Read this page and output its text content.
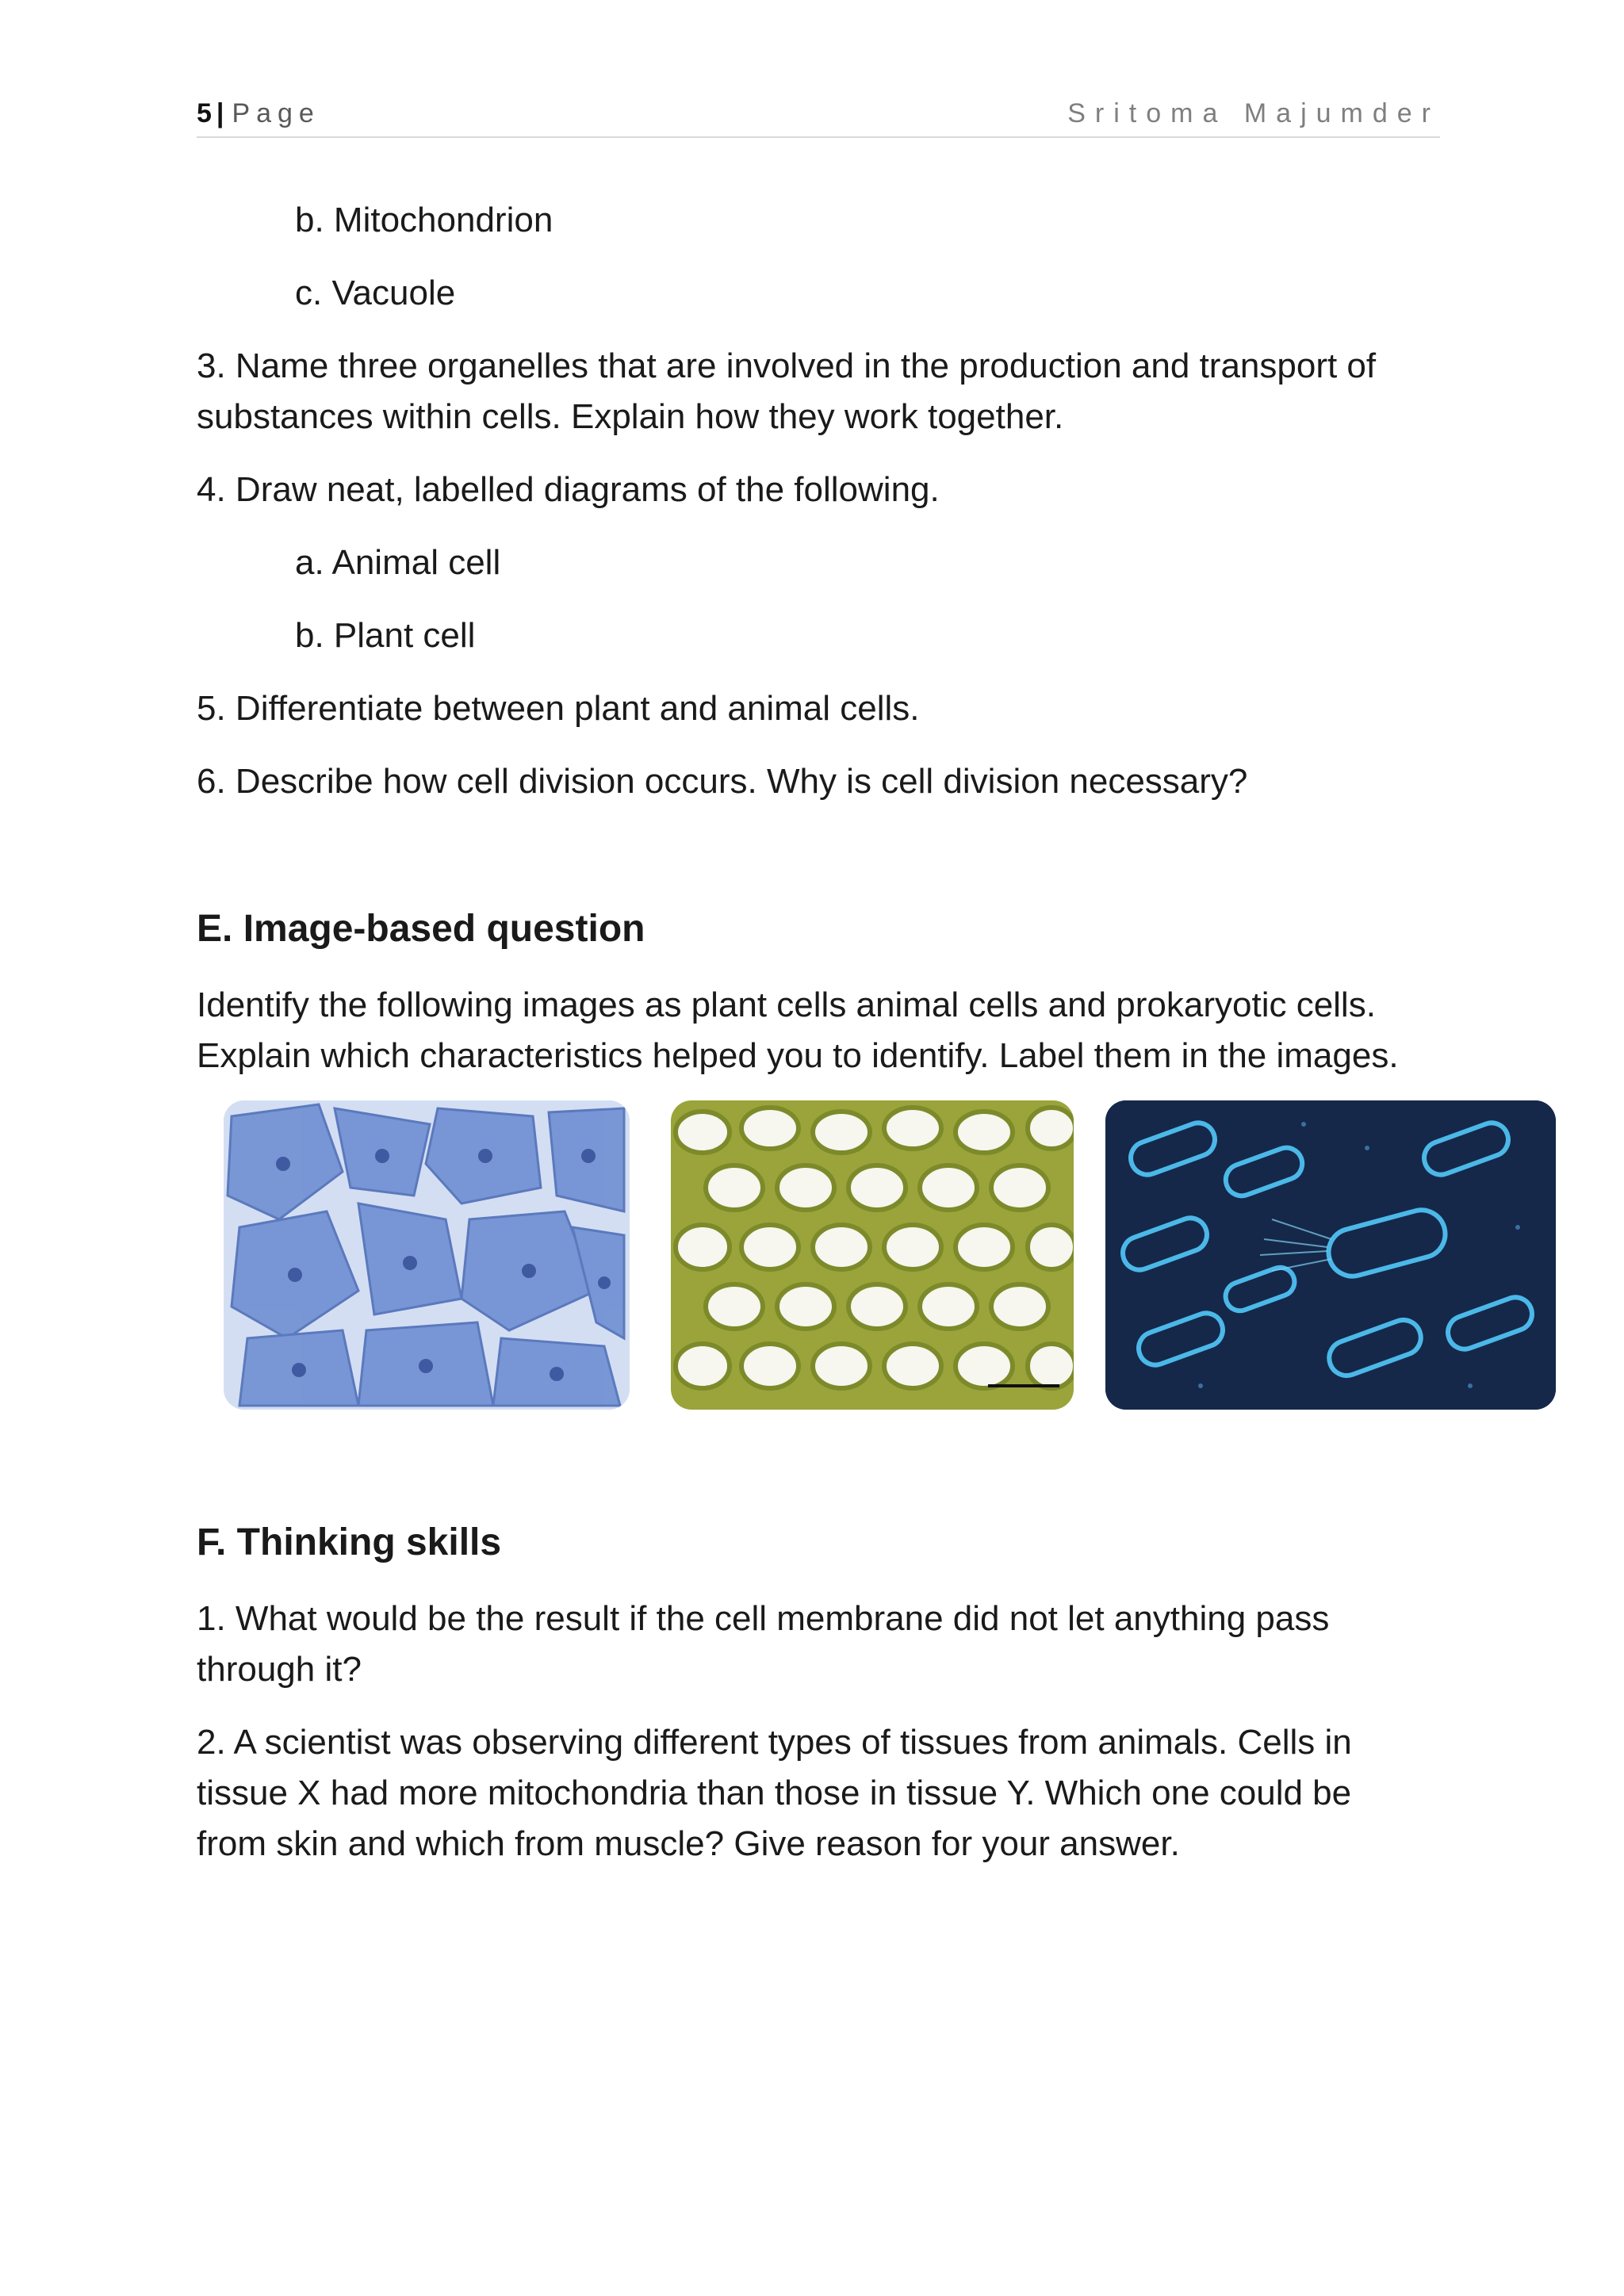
5 | Page	Sritoma Majumder
b. Mitochondrion
c. Vacuole
3. Name three organelles that are involved in the production and transport of
substances within cells. Explain how they work together.
4. Draw neat, labelled diagrams of the following.
a. Animal cell
b. Plant cell
5. Differentiate between plant and animal cells.
6. Describe how cell division occurs. Why is cell division necessary?
E. Image-based question
Identify the following images as plant cells animal cells and prokaryotic cells.
Explain which characteristics helped you to identify. Label them in the images.
F. Thinking skills
1. What would be the result if the cell membrane did not let anything pass
through it?
2. A scientist was observing different types of tissues from animals. Cells in
tissue X had more mitochondria than those in tissue Y. Which one could be
from skin and which from muscle? Give reason for your answer.
